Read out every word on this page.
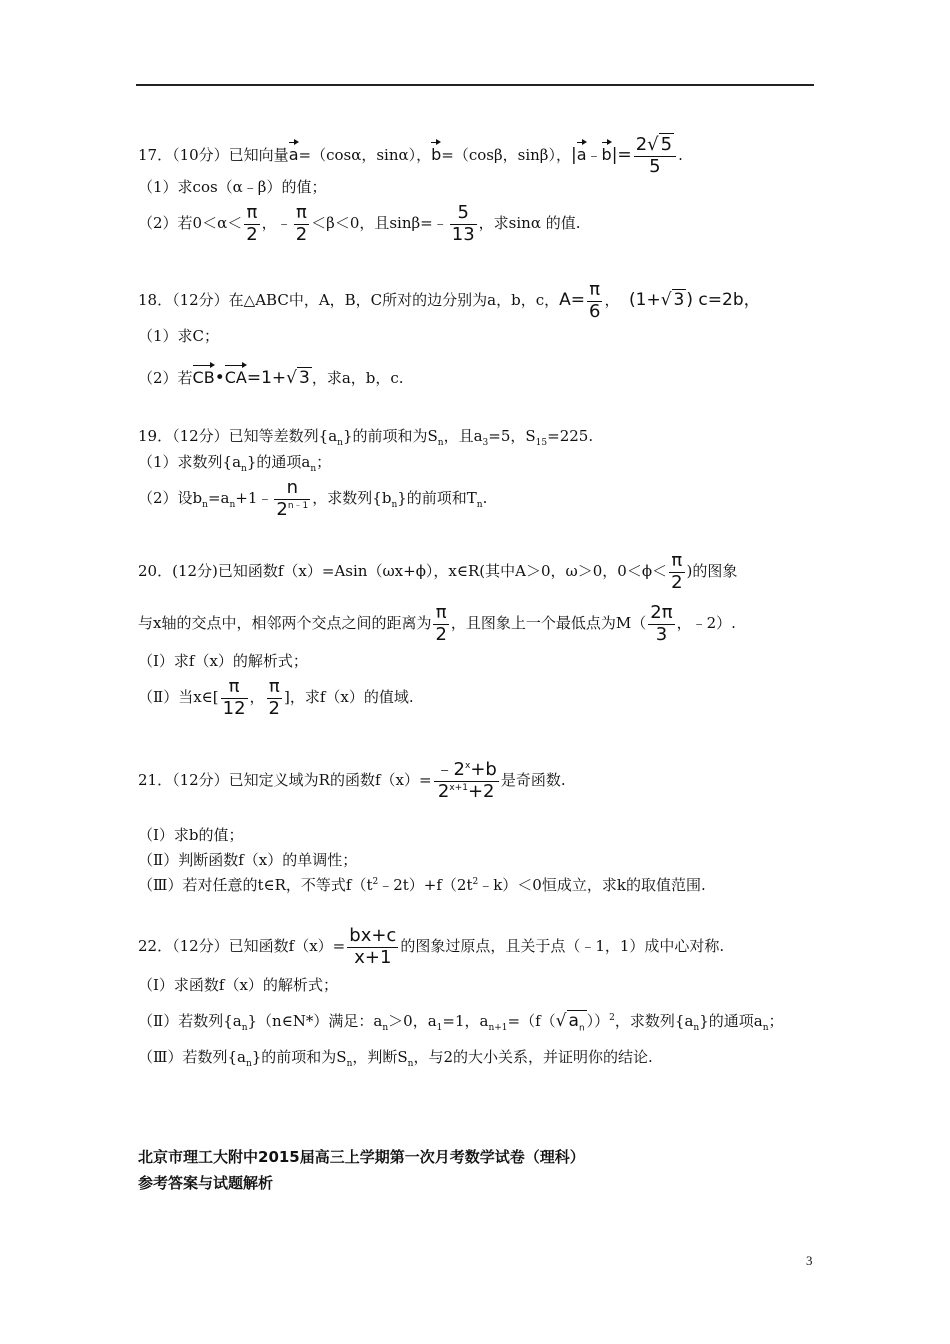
17．（10分）已知向量a=（cosα，sinα），b=（cosβ，sinβ），|a﹣b|= $\frac{2√ 5}{5}$ .
（1）求cos（α﹣β）的值；
（2）若$0<\alpha< \frac{\pi}{2}$ ，﹣ $\frac{\pi}{2} <\beta<0$，且sinβ=﹣ $\frac{5}{13}$ ，求sinα 的值.
18．（12分）在△ABC中，A，B，C所对的边分别为a，b，c，$A= \frac{\pi}{6}$ ， (1+√ 3 ) c=2b，
（1）求C；
（2）若CB•CA=1+√ 3 ，求a，b，c.
19．（12分）已知等差数列$\{a_n\}$的前项和为$S_n$，且$a_3=5$，$S_{15}=225$.
（1）求数列$\{a_n\}$的通项$a_n$；
（2）设$b_n=a_n+1﹣ \frac{n}{2^{n﹣1}}$ ，求数列$\{b_n\}$的前项和$T_n$.
20．(12分)已知函数f（x）=Asin（ωx+ϕ），x∈R(其中A＞0，ω＞0，$0<\phi< \frac{\pi}{2}$ )的图象
与x轴的交点中，相邻两个交点之间的距离为 $\frac{\pi}{2}$ ，且图象上一个最低点为$M( \frac{2\pi}{3}$ ，﹣2）.
（Ⅰ）求f（x）的解析式；
（Ⅱ）当x∈[ $\frac{\pi}{12}$ ， $\frac{\pi}{2}$ ]，求f（x）的值域.
21．（12分）已知定义域为R的函数$f(x)= \frac{﹣2^x+b}{2^{x+1}+2}$ 是奇函数.
（Ⅰ）求b的值；
（Ⅱ）判断函数f（x）的单调性；
（Ⅲ）若对任意的t∈R，不等式$f(t^2﹣2t)+f(2t^2﹣k)<0$恒成立，求k的取值范围.
22．（12分）已知函数$f(x)= \frac{bx+c}{x+1}$ 的图象过原点，且关于点（﹣1，1）成中心对称.
（Ⅰ）求函数f（x）的解析式；
（Ⅱ）若数列$\{a_n\}(n\in N*)$满足：$a_n>0$，$a_1=1$，$a_{n+1}=(f(√$ $a_n$ ））$^2$，求数列$\{a_n\}$的通项$a_n$；
（Ⅲ）若数列$\{a_n\}$的前项和为$S_n$，判断$S_n$，与2的大小关系，并证明你的结论.
北京市理工大附中2015届高三上学期第一次月考数学试卷（理科）
参考答案与试题解析
3
